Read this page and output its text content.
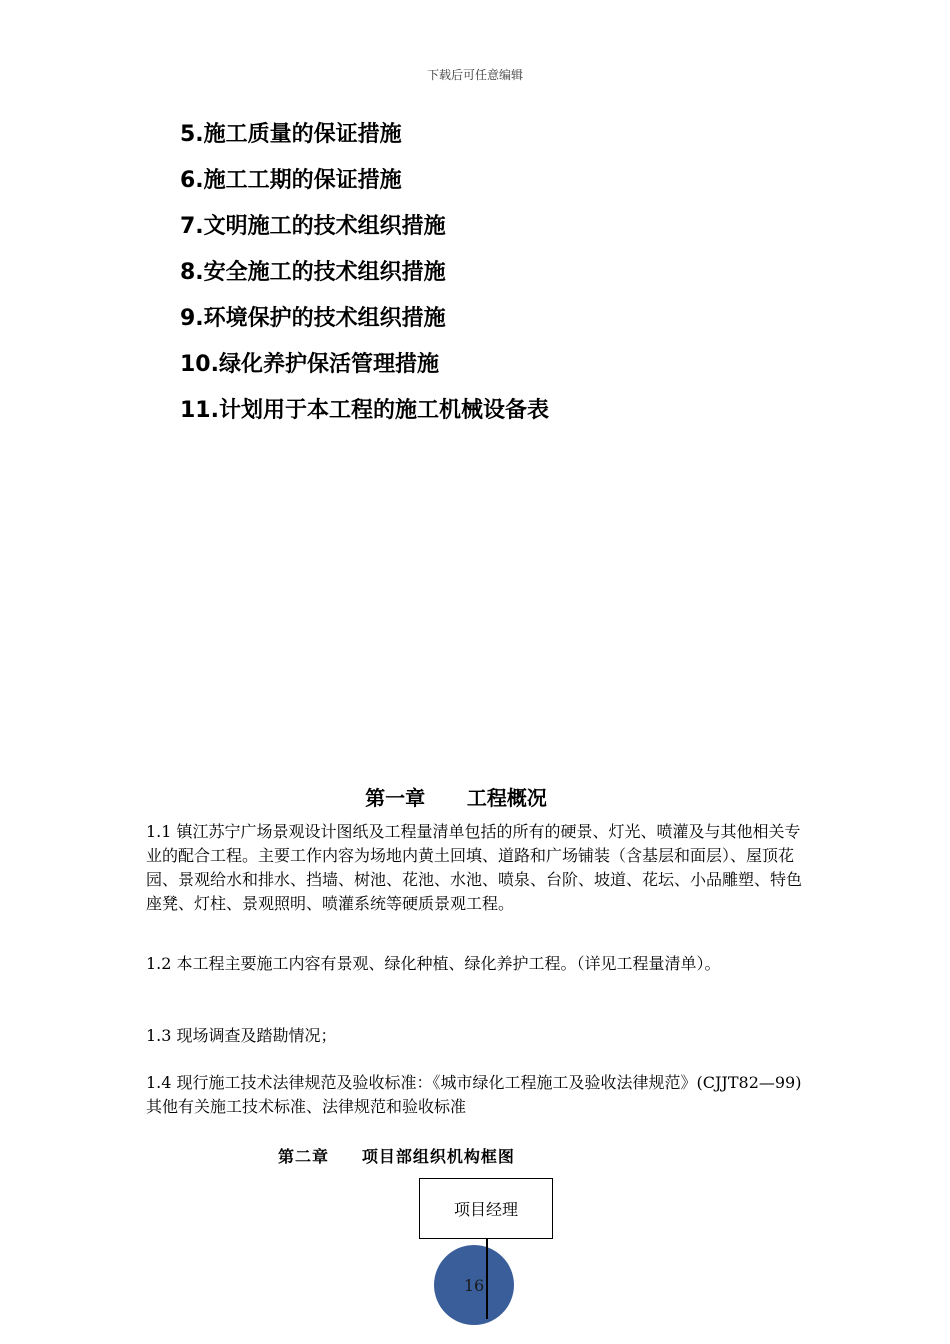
下载后可任意编辑
5.施工质量的保证措施
6.施工工期的保证措施
7.文明施工的技术组织措施
8.安全施工的技术组织措施
9.环境保护的技术组织措施
10.绿化养护保活管理措施
11.计划用于本工程的施工机械设备表
第一章      工程概况

1.1 镇江苏宁广场景观设计图纸及工程量清单包括的所有的硬景、灯光、喷灌及与其他相关专业的配合工程。主要工作内容为场地内黄土回填、道路和广场铺装（含基层和面层）、屋顶花园、景观给水和排水、挡墙、树池、花池、水池、喷泉、台阶、坡道、花坛、小品雕塑、特色座凳、灯柱、景观照明、喷灌系统等硬质景观工程。

1.2 本工程主要施工内容有景观、绿化种植、绿化养护工程。（详见工程量清单）。

1.3 现场调查及踏勘情况；

1.4 现行施工技术法律规范及验收标准：《城市绿化工程施工及验收法律规范》(CJJT82—99)其他有关施工技术标准、法律规范和验收标准

第二章     项目部组织机构框图
16
项目经理
